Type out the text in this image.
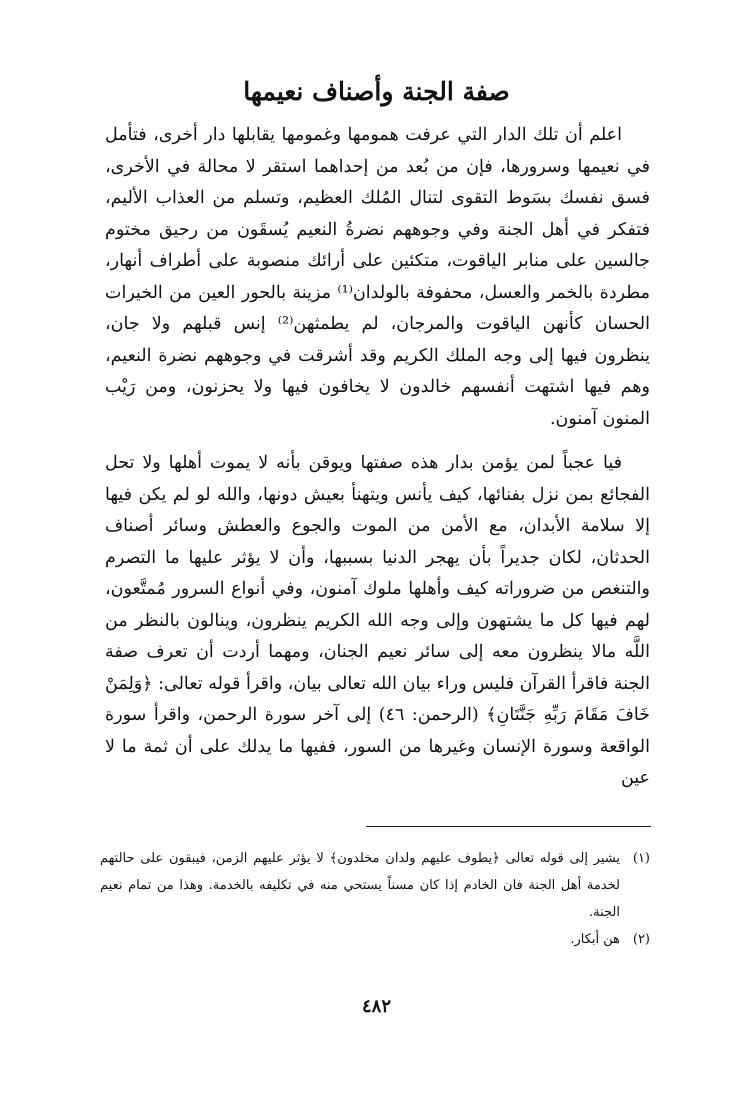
صفة الجنة وأصناف نعيمها

اعلم أن تلك الدار التي عرفت همومها وغمومها يقابلها دار أخرى، فتأمل في نعيمها وسرورها، فإن من بُعد من إحداهما استقر لا محالة في الأخرى، فسق نفسك بسَوط التقوى لتنال المُلك العظيم، وتسلم من العذاب الأليم، فتفكر في أهل الجنة وفي وجوههم نضرةُ النعيم يُسقَون من رحيق مختوم جالسين على منابر الياقوت، متكئين على أرائك منصوبة على أطراف أنهار، مطردة بالخمر والعسل، محفوفة بالولدان⁽¹⁾ مزينة بالحور العين من الخيرات الحسان كأنهن الياقوت والمرجان، لم يطمثهن⁽²⁾ إنس قبلهم ولا جان، ينظرون فيها إلى وجه الملك الكريم وقد أشرقت في وجوههم نضرة النعيم، وهم فيها اشتهت أنفسهم خالدون لا يخافون فيها ولا يحزنون، ومن رَيْب المنون آمنون.

فيا عجباً لمن يؤمن بدار هذه صفتها ويوقن بأنه لا يموت أهلها ولا تحل الفجائع بمن نزل بفنائها، كيف يأنس ويتهنأ بعيش دونها، والله لو لم يكن فيها إلا سلامة الأبدان، مع الأمن من الموت والجوع والعطش وسائر أصناف الحدثان، لكان جديراً بأن يهجر الدنيا بسببها، وأن لا يؤثر عليها ما التصرم والتنغص من ضروراته كيف وأهلها ملوك آمنون، وفي أنواع السرور مُمتَّعون، لهم فيها كل ما يشتهون وإلى وجه الله الكريم ينظرون، وينالون بالنظر من اللَّه مالا ينظرون معه إلى سائر نعيم الجنان، ومهما أردت أن تعرف صفة الجنة فاقرأ القرآن فليس وراء بيان الله تعالى بيان، واقرأ قوله تعالى: ﴿وَلِمَنْ خَافَ مَقَامَ رَبِّهِ جَنَّتَانِ﴾ (الرحمن: ٤٦) إلى آخر سورة الرحمن، واقرأ سورة الواقعة وسورة الإنسان وغيرها من السور، ففيها ما يدلك على أن ثمة ما لا عين

(١)
يشير إلى قوله تعالى ﴿يطوف عليهم ولدان مخلدون﴾ لا يؤثر عليهم الزمن، فيبقون على حالتهم لخدمة أهل الجنة فان الخادم إذا كان مسناً يستحي منه في تكليفه بالخدمة. وهذا من تمام نعيم الجنة.
(٢)
هن أبكار.
٤٨٢
